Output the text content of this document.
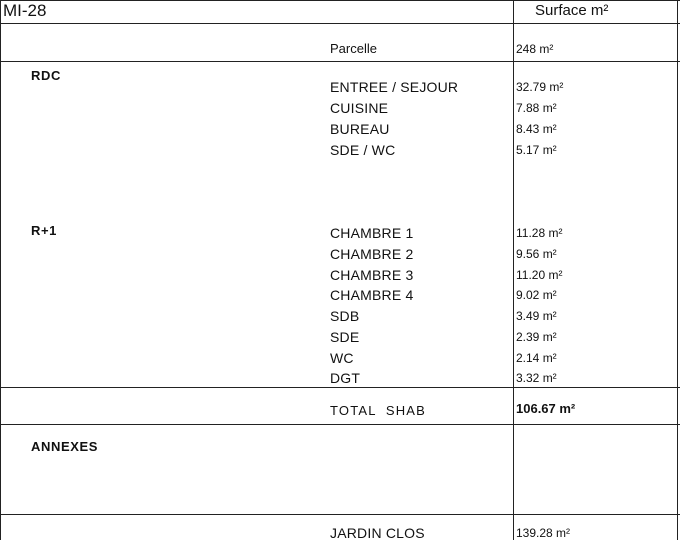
MI-28	Surface m²
Parcelle	248 m²
RDC
ENTREE / SEJOUR	32.79 m²
CUISINE	7.88 m²
BUREAU	8.43 m²
SDE / WC	5.17 m²
R+1	CHAMBRE 1	11.28 m²
CHAMBRE 2	9.56 m²
CHAMBRE 3	11.20 m²
CHAMBRE 4	9.02 m²
SDB	3.49 m²
SDE	2.39 m²
WC	2.14 m²
DGT	3.32 m²
TOTAL  SHAB	106.67 m²
ANNEXES
JARDIN CLOS	139.28 m²
